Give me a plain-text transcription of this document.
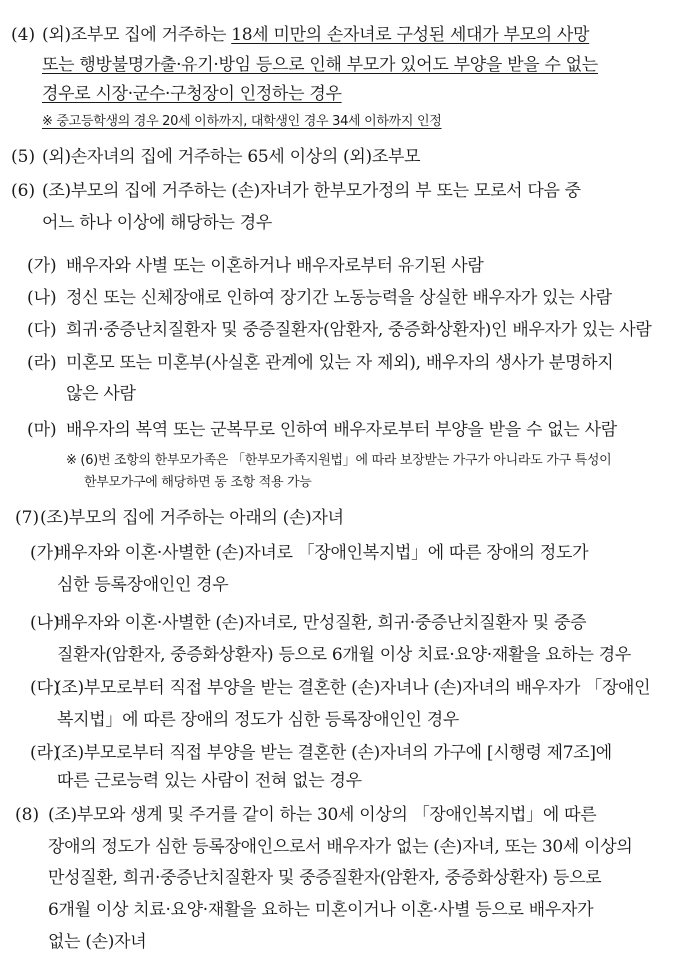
(4) (외)조부모 집에 거주하는 18세 미만의 손자녀로 구성된 세대가 부모의 사망
또는 행방불명가출·유기·방임 등으로 인해 부모가 있어도 부양을 받을 수 없는
경우로 시장·군수·구청장이 인정하는 경우
※ 중고등학생의 경우 20세 이하까지, 대학생인 경우 34세 이하까지 인정
(5) (외)손자녀의 집에 거주하는 65세 이상의 (외)조부모
(6) (조)부모의 집에 거주하는 (손)자녀가 한부모가정의 부 또는 모로서 다음 중
어느 하나 이상에 해당하는 경우
(가) 배우자와 사별 또는 이혼하거나 배우자로부터 유기된 사람
(나) 정신 또는 신체장애로 인하여 장기간 노동능력을 상실한 배우자가 있는 사람
(다) 희귀·중증난치질환자 및 중증질환자(암환자, 중증화상환자)인 배우자가 있는 사람
(라) 미혼모 또는 미혼부(사실혼 관계에 있는 자 제외), 배우자의 생사가 분명하지
않은 사람
(마) 배우자의 복역 또는 군복무로 인하여 배우자로부터 부양을 받을 수 없는 사람
※ (6)번 조항의 한부모가족은 「한부모가족지원법」에 따라 보장받는 가구가 아니라도 가구 특성이
한부모가구에 해당하면 동 조항 적용 가능
(7) (조)부모의 집에 거주하는 아래의 (손)자녀
(가)
배우자와 이혼·사별한 (손)자녀로 「장애인복지법」에 따른 장애의 정도가
심한 등록장애인인 경우
(나)
배우자와 이혼·사별한 (손)자녀로, 만성질환, 희귀·중증난치질환자 및 중증
질환자(암환자, 중증화상환자) 등으로 6개월 이상 치료·요양·재활을 요하는 경우
(다)
(조)부모로부터 직접 부양을 받는 결혼한 (손)자녀나 (손)자녀의 배우자가 「장애인
복지법」에 따른 장애의 정도가 심한 등록장애인인 경우
(라)
(조)부모로부터 직접 부양을 받는 결혼한 (손)자녀의 가구에 [시행령 제7조]에
따른 근로능력 있는 사람이 전혀 없는 경우
(8) (조)부모와 생계 및 주거를 같이 하는 30세 이상의 「장애인복지법」에 따른
장애의 정도가 심한 등록장애인으로서 배우자가 없는 (손)자녀, 또는 30세 이상의
만성질환, 희귀·중증난치질환자 및 중증질환자(암환자, 중증화상환자) 등으로
6개월 이상 치료·요양·재활을 요하는 미혼이거나 이혼·사별 등으로 배우자가
없는 (손)자녀
